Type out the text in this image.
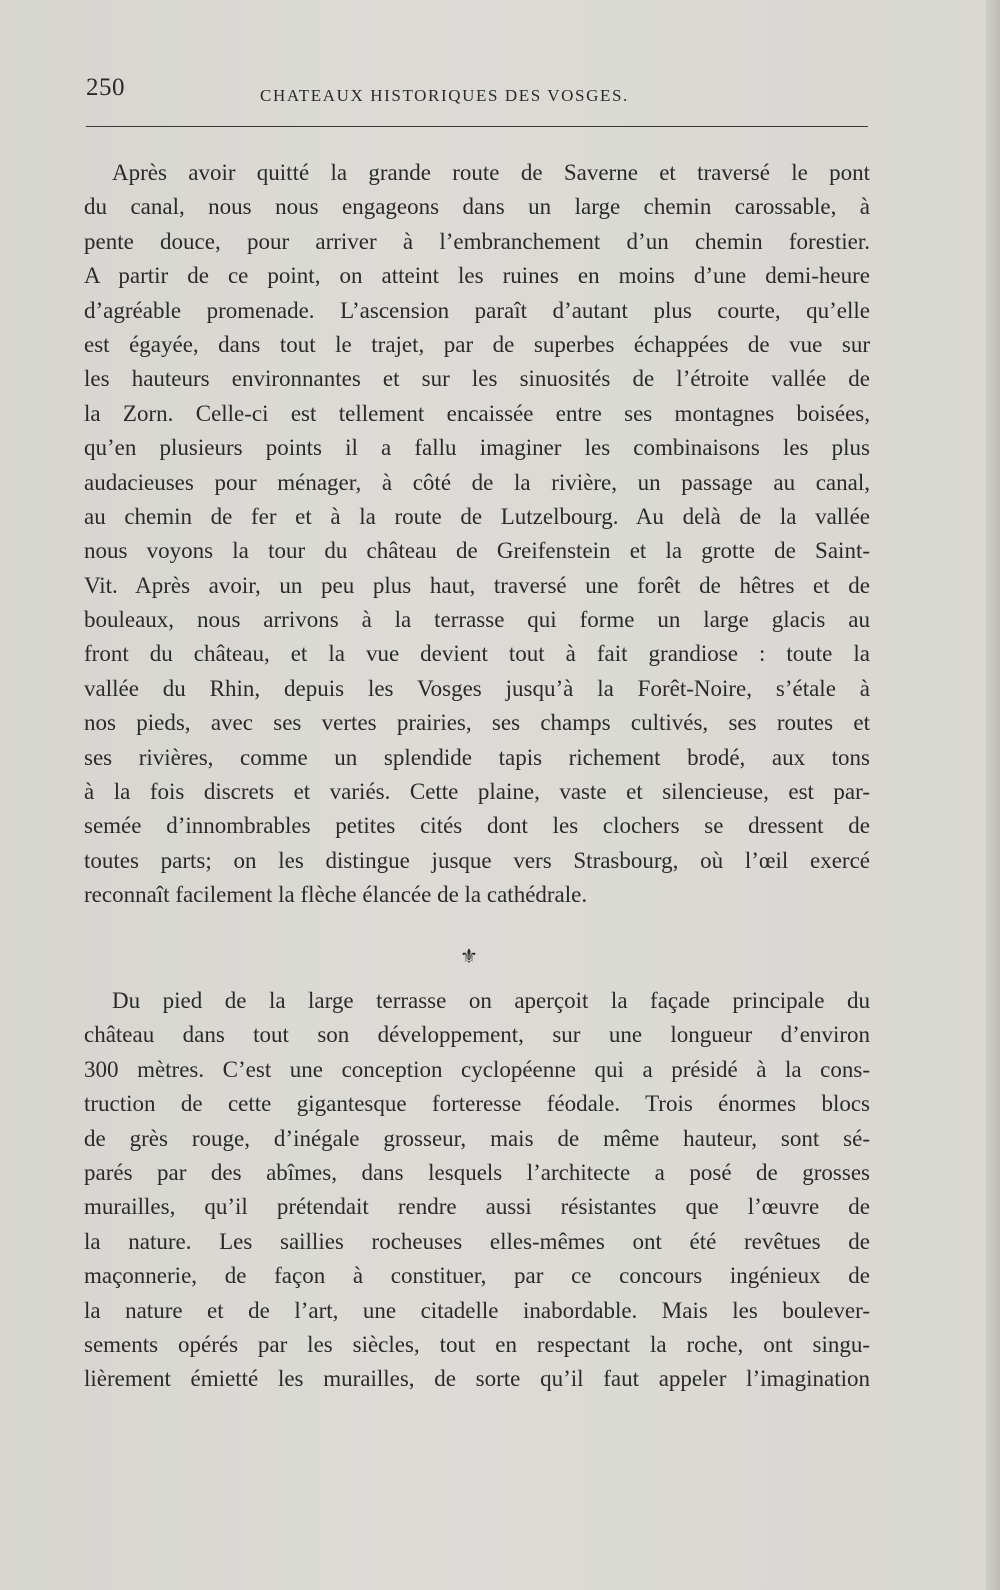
250	CHATEAUX HISTORIQUES DES VOSGES.
Après avoir quitté la grande route de Saverne et traversé le pont
du canal, nous nous engageons dans un large chemin carossable, à
pente douce, pour arriver à l’embranchement d’un chemin forestier.
A partir de ce point, on atteint les ruines en moins d’une demi-heure
d’agréable promenade. L’ascension paraît d’autant plus courte, qu’elle
est égayée, dans tout le trajet, par de superbes échappées de vue sur
les hauteurs environnantes et sur les sinuosités de l’étroite vallée de
la Zorn. Celle-ci est tellement encaissée entre ses montagnes boisées,
qu’en plusieurs points il a fallu imaginer les combinaisons les plus
audacieuses pour ménager, à côté de la rivière, un passage au canal,
au chemin de fer et à la route de Lutzelbourg. Au delà de la vallée
nous voyons la tour du château de Greifenstein et la grotte de Saint-
Vit. Après avoir, un peu plus haut, traversé une forêt de hêtres et de
bouleaux, nous arrivons à la terrasse qui forme un large glacis au
front du château, et la vue devient tout à fait grandiose : toute la
vallée du Rhin, depuis les Vosges jusqu’à la Forêt-Noire, s’étale à
nos pieds, avec ses vertes prairies, ses champs cultivés, ses routes et
ses rivières, comme un splendide tapis richement brodé, aux tons
à la fois discrets et variés. Cette plaine, vaste et silencieuse, est par-
semée d’innombrables petites cités dont les clochers se dressent de
toutes parts; on les distingue jusque vers Strasbourg, où l’œil exercé
reconnaît facilement la flèche élancée de la cathédrale.
⚜
Du pied de la large terrasse on aperçoit la façade principale du
château dans tout son développement, sur une longueur d’environ
300 mètres. C’est une conception cyclopéenne qui a présidé à la cons-
truction de cette gigantesque forteresse féodale. Trois énormes blocs
de grès rouge, d’inégale grosseur, mais de même hauteur, sont sé-
parés par des abîmes, dans lesquels l’architecte a posé de grosses
murailles, qu’il prétendait rendre aussi résistantes que l’œuvre de
la nature. Les saillies rocheuses elles-mêmes ont été revêtues de
maçonnerie, de façon à constituer, par ce concours ingénieux de
la nature et de l’art, une citadelle inabordable. Mais les boulever-
sements opérés par les siècles, tout en respectant la roche, ont singu-
lièrement émietté les murailles, de sorte qu’il faut appeler l’imagination
